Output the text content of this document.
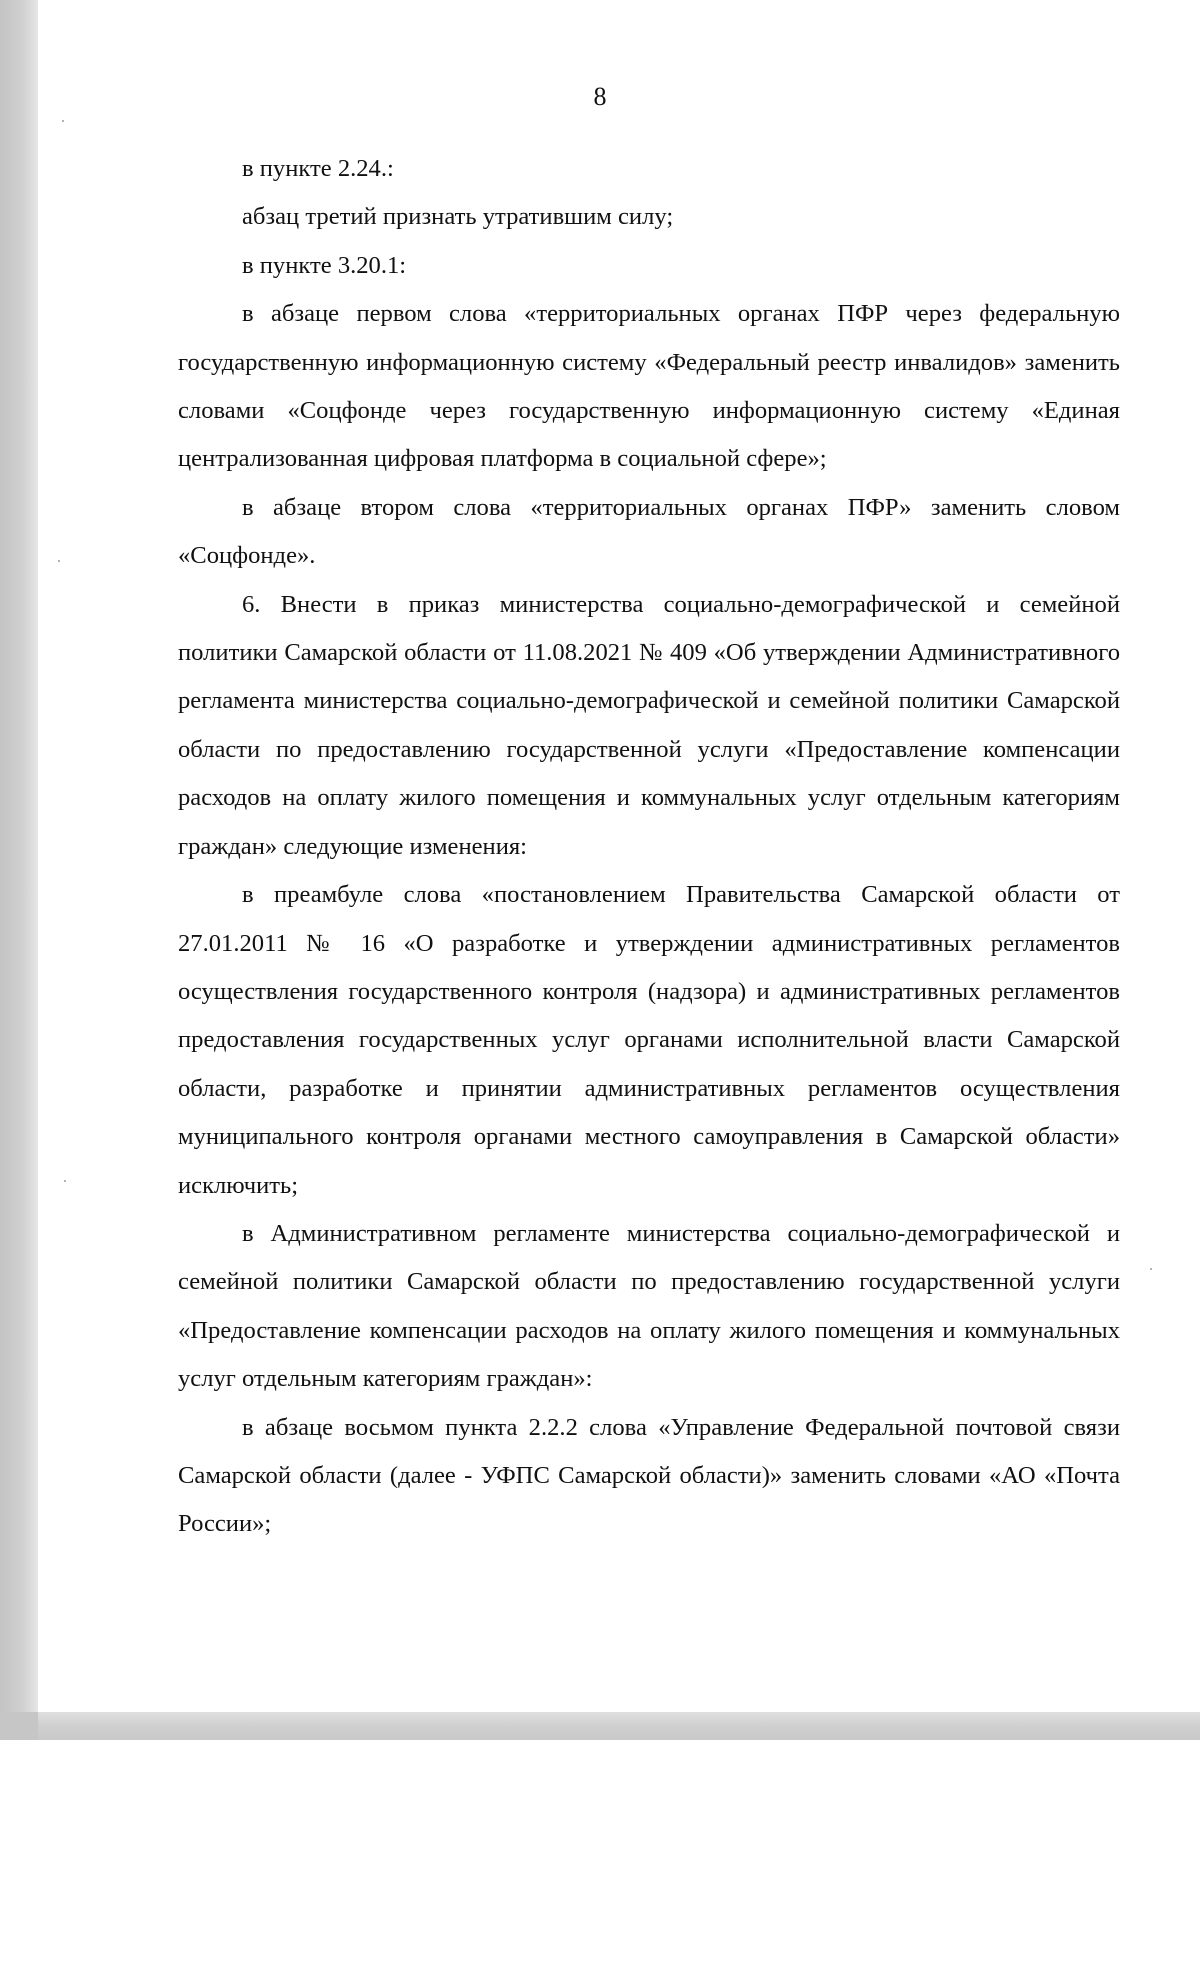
8

в пункте 2.24.:

абзац третий признать утратившим силу;

в пункте 3.20.1:

в абзаце первом слова «территориальных органах ПФР через федеральную государственную информационную систему «Федеральный реестр инвалидов» заменить словами «Соцфонде через государственную информационную систему «Единая централизованная цифровая платформа в социальной сфере»;

в абзаце втором слова «территориальных органах ПФР» заменить словом «Соцфонде».

6. Внести в приказ министерства социально-демографической и семейной политики Самарской области от 11.08.2021 № 409 «Об утверждении Административного регламента министерства социально-демографической и семейной политики Самарской области по предоставлению государственной услуги «Предоставление компенсации расходов на оплату жилого помещения и коммунальных услуг отдельным категориям граждан» следующие изменения:

в преамбуле слова «постановлением Правительства Самарской области от 27.01.2011 № 16 «О разработке и утверждении административных регламентов осуществления государственного контроля (надзора) и административных регламентов предоставления государственных услуг органами исполнительной власти Самарской области, разработке и принятии административных регламентов осуществления муниципального контроля органами местного самоуправления в Самарской области» исключить;

в Административном регламенте министерства социально-демографической и семейной политики Самарской области по предоставлению государственной услуги «Предоставление компенсации расходов на оплату жилого помещения и коммунальных услуг отдельным категориям граждан»:

в абзаце восьмом пункта 2.2.2 слова «Управление Федеральной почтовой связи Самарской области (далее - УФПС Самарской области)» заменить словами «АО «Почта России»;
